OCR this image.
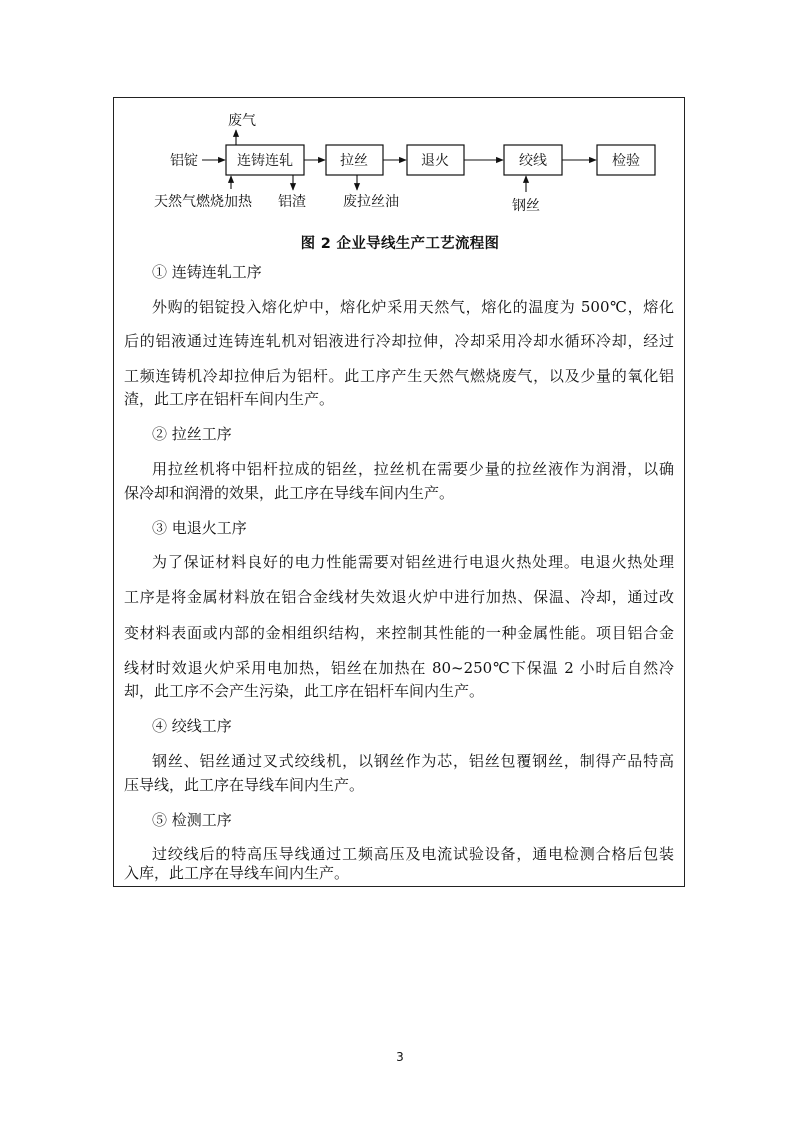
连铸连轧	拉丝	退火	绞线	检验
废气
铝锭
天然气燃烧加热 铝渣	废拉丝油	钢丝
图 2 企业导线生产工艺流程图
① 连铸连轧工序
外购的铝锭投入熔化炉中，熔化炉采用天然气，熔化的温度为 500℃，熔化
后的铝液通过连铸连轧机对铝液进行冷却拉伸，冷却采用冷却水循环冷却，经过
工频连铸机冷却拉伸后为铝杆。此工序产生天然气燃烧废气，以及少量的氧化铝
渣，此工序在铝杆车间内生产。
② 拉丝工序
用拉丝机将中铝杆拉成的铝丝，拉丝机在需要少量的拉丝液作为润滑，以确
保冷却和润滑的效果，此工序在导线车间内生产。
③ 电退火工序
为了保证材料良好的电力性能需要对铝丝进行电退火热处理。电退火热处理
工序是将金属材料放在铝合金线材失效退火炉中进行加热、保温、冷却，通过改
变材料表面或内部的金相组织结构，来控制其性能的一种金属性能。项目铝合金
线材时效退火炉采用电加热，铝丝在加热在 80~250℃下保温 2 小时后自然冷
却，此工序不会产生污染，此工序在铝杆车间内生产。
④ 绞线工序
钢丝、铝丝通过叉式绞线机，以钢丝作为芯，铝丝包覆钢丝，制得产品特高
压导线，此工序在导线车间内生产。
⑤ 检测工序
过绞线后的特高压导线通过工频高压及电流试验设备，通电检测合格后包装
入库，此工序在导线车间内生产。
3
